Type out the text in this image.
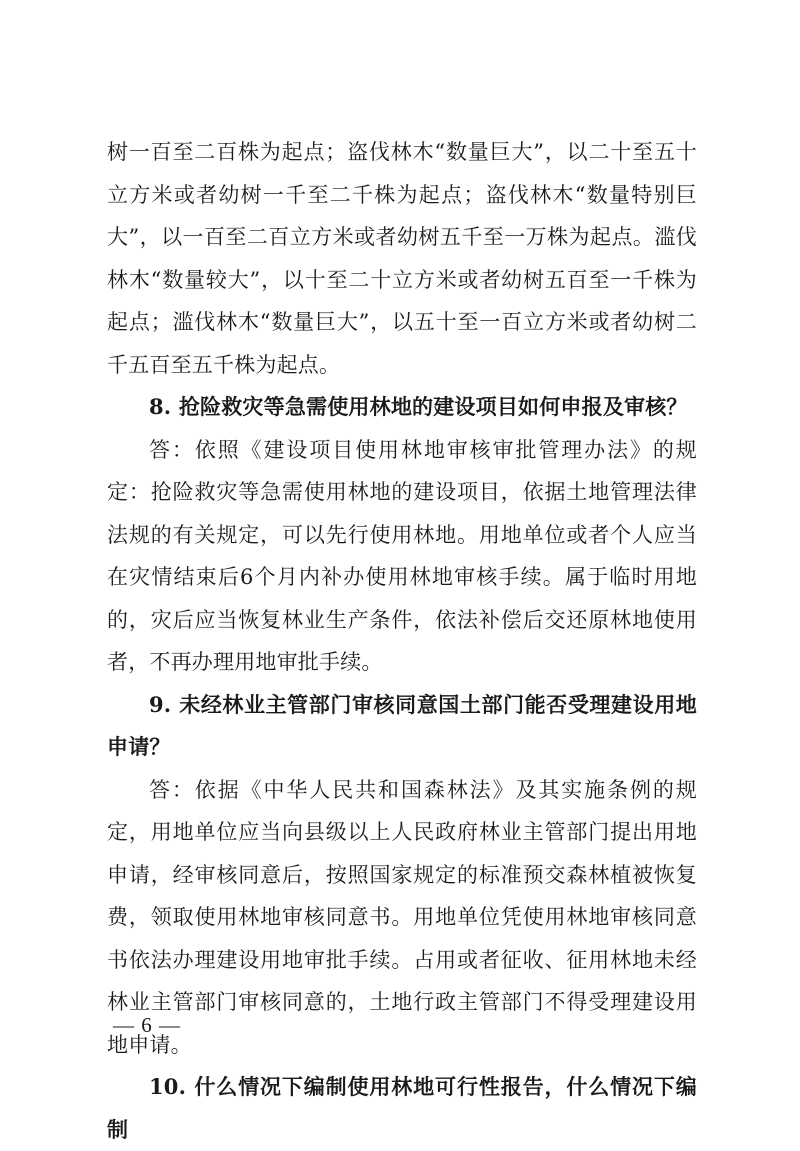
树一百至二百株为起点；盗伐林木“数量巨大”，以二十至五十立方米或者幼树一千至二千株为起点；盗伐林木“数量特别巨大”，以一百至二百立方米或者幼树五千至一万株为起点。滥伐林木“数量较大”，以十至二十立方米或者幼树五百至一千株为起点；滥伐林木“数量巨大”，以五十至一百立方米或者幼树二千五百至五千株为起点。

8. 抢险救灾等急需使用林地的建设项目如何申报及审核？

答：依照《建设项目使用林地审核审批管理办法》的规定：抢险救灾等急需使用林地的建设项目，依据土地管理法律法规的有关规定，可以先行使用林地。用地单位或者个人应当在灾情结束后6个月内补办使用林地审核手续。属于临时用地的，灾后应当恢复林业生产条件，依法补偿后交还原林地使用者，不再办理用地审批手续。

9. 未经林业主管部门审核同意国土部门能否受理建设用地申请？

答：依据《中华人民共和国森林法》及其实施条例的规定，用地单位应当向县级以上人民政府林业主管部门提出用地申请，经审核同意后，按照国家规定的标准预交森林植被恢复费，领取使用林地审核同意书。用地单位凭使用林地审核同意书依法办理建设用地审批手续。占用或者征收、征用林地未经林业主管部门审核同意的，土地行政主管部门不得受理建设用地申请。

10. 什么情况下编制使用林地可行性报告，什么情况下编制

— 6 —
